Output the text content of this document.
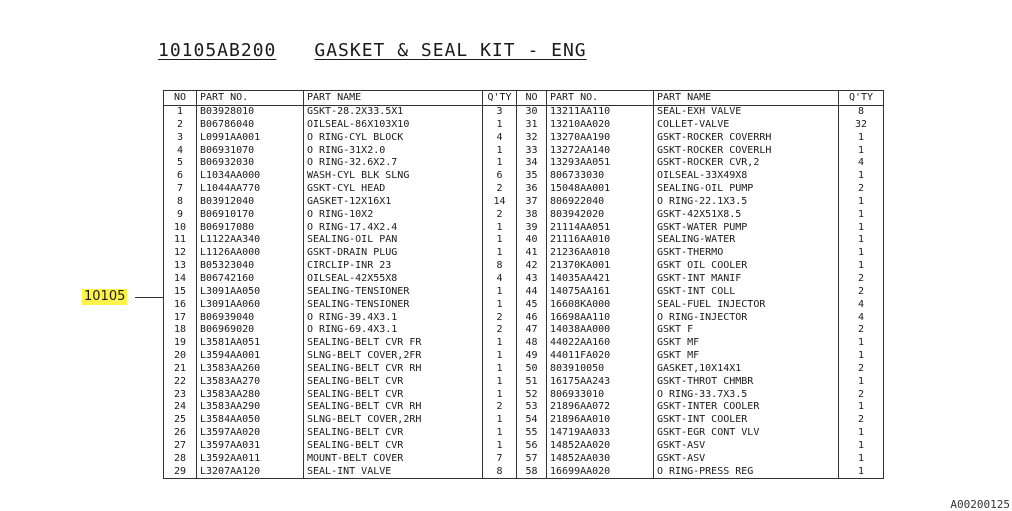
10105AB200 GASKET & SEAL KIT - ENG
NO	PART NO.	PART NAME	Q'TY	NO	PART NO.	PART NAME	Q'TY
1	B03928010	GSKT-28.2X33.5X1	3	30	13211AA110	SEAL-EXH VALVE	8
2	B06786040	OILSEAL-86X103X10	1	31	13210AA020	COLLET-VALVE	32
3	L0991AA001	O RING-CYL BLOCK	4	32	13270AA190	GSKT-ROCKER COVERRH	1
4	B06931070	O RING-31X2.0	1	33	13272AA140	GSKT-ROCKER COVERLH	1
5	B06932030	O RING-32.6X2.7	1	34	13293AA051	GSKT-ROCKER CVR,2	4
6	L1034AA000	WASH-CYL BLK SLNG	6	35	806733030	OILSEAL-33X49X8	1
7	L1044AA770	GSKT-CYL HEAD	2	36	15048AA001	SEALING-OIL PUMP	2
8	B03912040	GASKET-12X16X1	14	37	806922040	O RING-22.1X3.5	1
9	B06910170	O RING-10X2	2	38	803942020	GSKT-42X51X8.5	1
10	B06917080	O RING-17.4X2.4	1	39	21114AA051	GSKT-WATER PUMP	1
11	L1122AA340	SEALING-OIL PAN	1	40	21116AA010	SEALING-WATER	1
12	L1126AA000	GSKT-DRAIN PLUG	1	41	21236AA010	GSKT-THERMO	1
13	B05323040	CIRCLIP-INR 23	8	42	21370KA001	GSKT OIL COOLER	1
14	B06742160	OILSEAL-42X55X8	4	43	14035AA421	GSKT-INT MANIF	2
15	L3091AA050	SEALING-TENSIONER	1	44	14075AA161	GSKT-INT COLL	2
16	L3091AA060	SEALING-TENSIONER	1	45	16608KA000	SEAL-FUEL INJECTOR	4
17	B06939040	O RING-39.4X3.1	2	46	16698AA110	O RING-INJECTOR	4
18	B06969020	O RING-69.4X3.1	2	47	14038AA000	GSKT F	2
19	L3581AA051	SEALING-BELT CVR FR	1	48	44022AA160	GSKT MF	1
20	L3594AA001	SLNG-BELT COVER,2FR	1	49	44011FA020	GSKT MF	1
21	L3583AA260	SEALING-BELT CVR RH	1	50	803910050	GASKET,10X14X1	2
22	L3583AA270	SEALING-BELT CVR	1	51	16175AA243	GSKT-THROT CHMBR	1
23	L3583AA280	SEALING-BELT CVR	1	52	806933010	O RING-33.7X3.5	2
24	L3583AA290	SEALING-BELT CVR RH	2	53	21896AA072	GSKT-INTER COOLER	1
25	L3584AA050	SLNG-BELT COVER,2RH	1	54	21896AA010	GSKT-INT COOLER	2
26	L3597AA020	SEALING-BELT CVR	1	55	14719AA033	GSKT-EGR CONT VLV	1
27	L3597AA031	SEALING-BELT CVR	1	56	14852AA020	GSKT-ASV	1
28	L3592AA011	MOUNT-BELT COVER	7	57	14852AA030	GSKT-ASV	1
29	L3207AA120	SEAL-INT VALVE	8	58	16699AA020	O RING-PRESS REG	1
10105
A00200125
